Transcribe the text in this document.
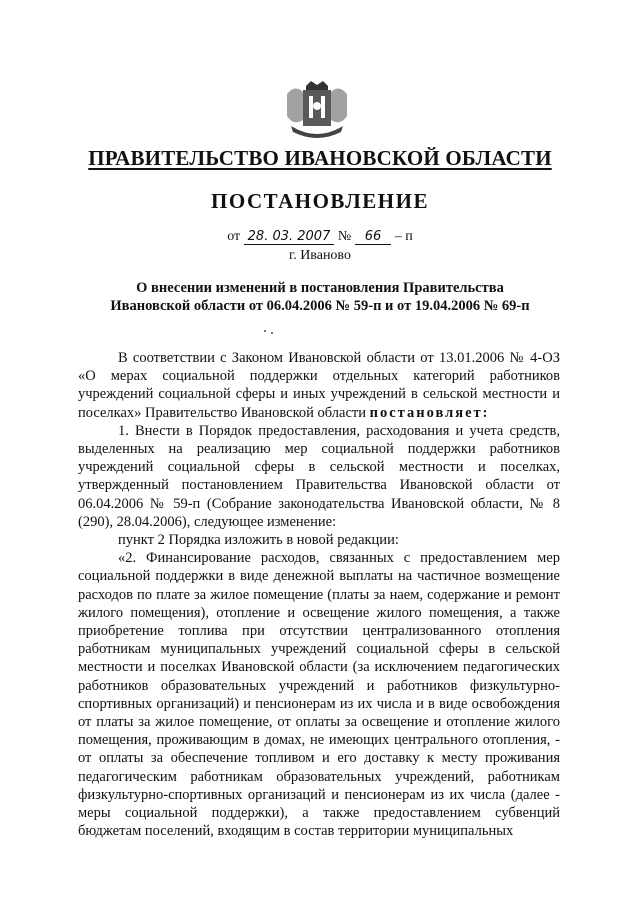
ПРАВИТЕЛЬСТВО ИВАНОВСКОЙ ОБЛАСТИ
ПОСТАНОВЛЕНИЕ
от 28. 03. 2007 № 66 – п
г. Иваново
О внесении изменений в постановления Правительства
Ивановской области от 06.04.2006 № 59-п и от 19.04.2006 № 69-п

В соответствии с Законом Ивановской области от 13.01.2006 № 4-ОЗ «О мерах социальной поддержки отдельных категорий работников учреждений социальной сферы и иных учреждений в сельской местности и поселках» Правительство Ивановской области постановляет:

1. Внести в Порядок предоставления, расходования и учета средств, выделенных на реализацию мер социальной поддержки работников учреждений социальной сферы в сельской местности и поселках, утвержденный постановлением Правительства Ивановской области от 06.04.2006 № 59-п (Собрание законодательства Ивановской области, № 8 (290), 28.04.2006), следующее изменение:

пункт 2 Порядка изложить в новой редакции:

«2. Финансирование расходов, связанных с предоставлением мер социальной поддержки в виде денежной выплаты на частичное возмещение расходов по плате за жилое помещение (платы за наем, содержание и ремонт жилого помещения), отопление и освещение жилого помещения, а также приобретение топлива при отсутствии централизованного отопления работникам муниципальных учреждений социальной сферы в сельской местности и поселках Ивановской области (за исключением педагогических работников образовательных учреждений и работников физкультурно-спортивных организаций) и пенсионерам из их числа и в виде освобождения от платы за жилое помещение, от оплаты за освещение и отопление жилого помещения, проживающим в домах, не имеющих центрального отопления, - от оплаты за обеспечение топливом и его доставку к месту проживания педагогическим работникам образовательных учреждений, работникам физкультурно-спортивных организаций и пенсионерам из их числа (далее - меры социальной поддержки), а также предоставлением субвенций бюджетам поселений, входящим в состав территории муниципальных
